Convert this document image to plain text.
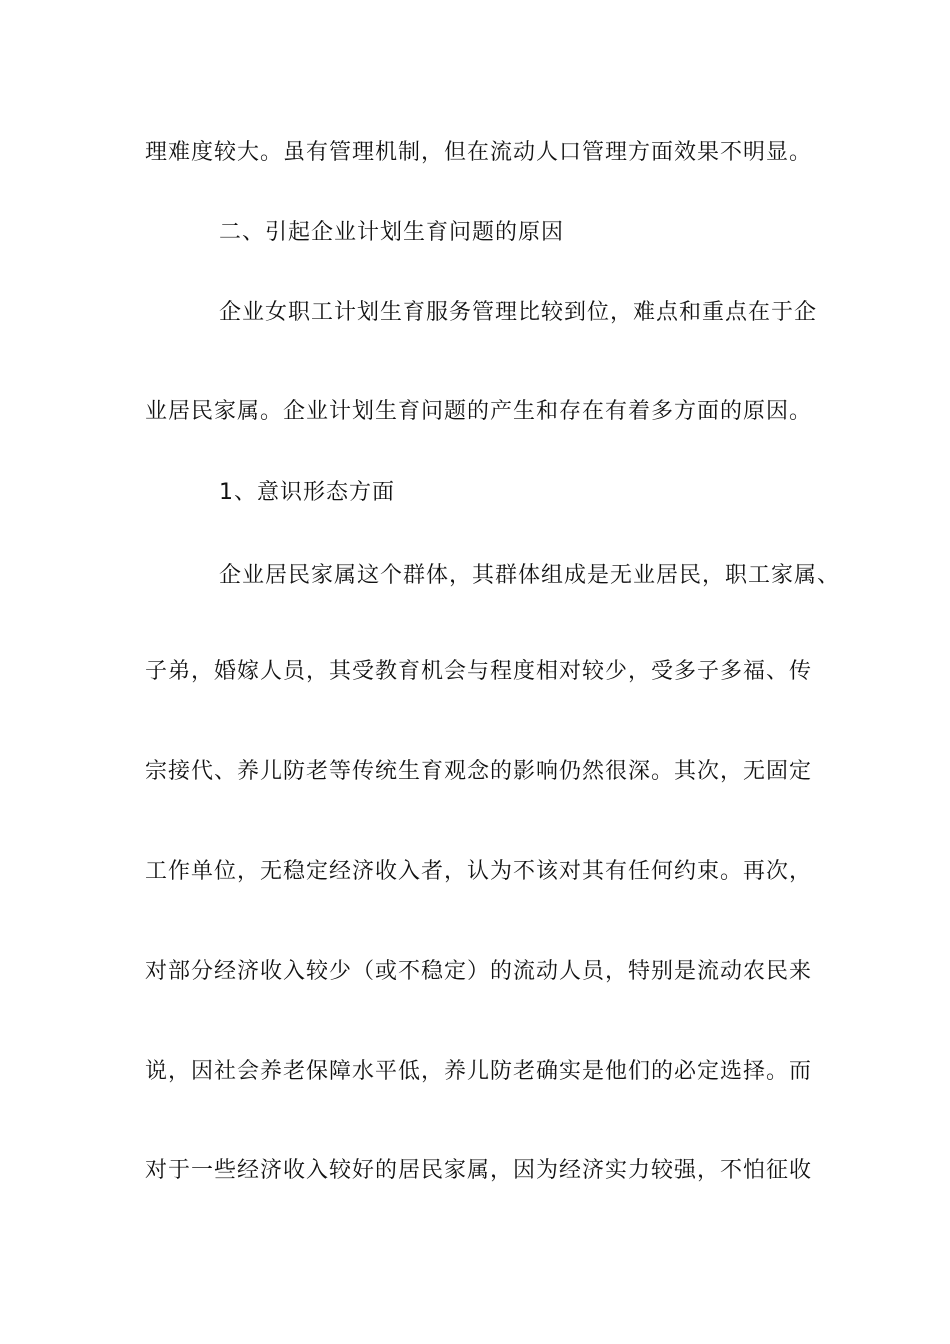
理难度较大。虽有管理机制，但在流动人口管理方面效果不明显。
二、引起企业计划生育问题的原因
企业女职工计划生育服务管理比较到位，难点和重点在于企
业居民家属。企业计划生育问题的产生和存在有着多方面的原因。
1、意识形态方面
企业居民家属这个群体，其群体组成是无业居民，职工家属、
子弟，婚嫁人员，其受教育机会与程度相对较少，受多子多福、传
宗接代、养儿防老等传统生育观念的影响仍然很深。其次，无固定
工作单位，无稳定经济收入者，认为不该对其有任何约束。再次，
对部分经济收入较少（或不稳定）的流动人员，特别是流动农民来
说，因社会养老保障水平低，养儿防老确实是他们的必定选择。而
对于一些经济收入较好的居民家属，因为经济实力较强，不怕征收
